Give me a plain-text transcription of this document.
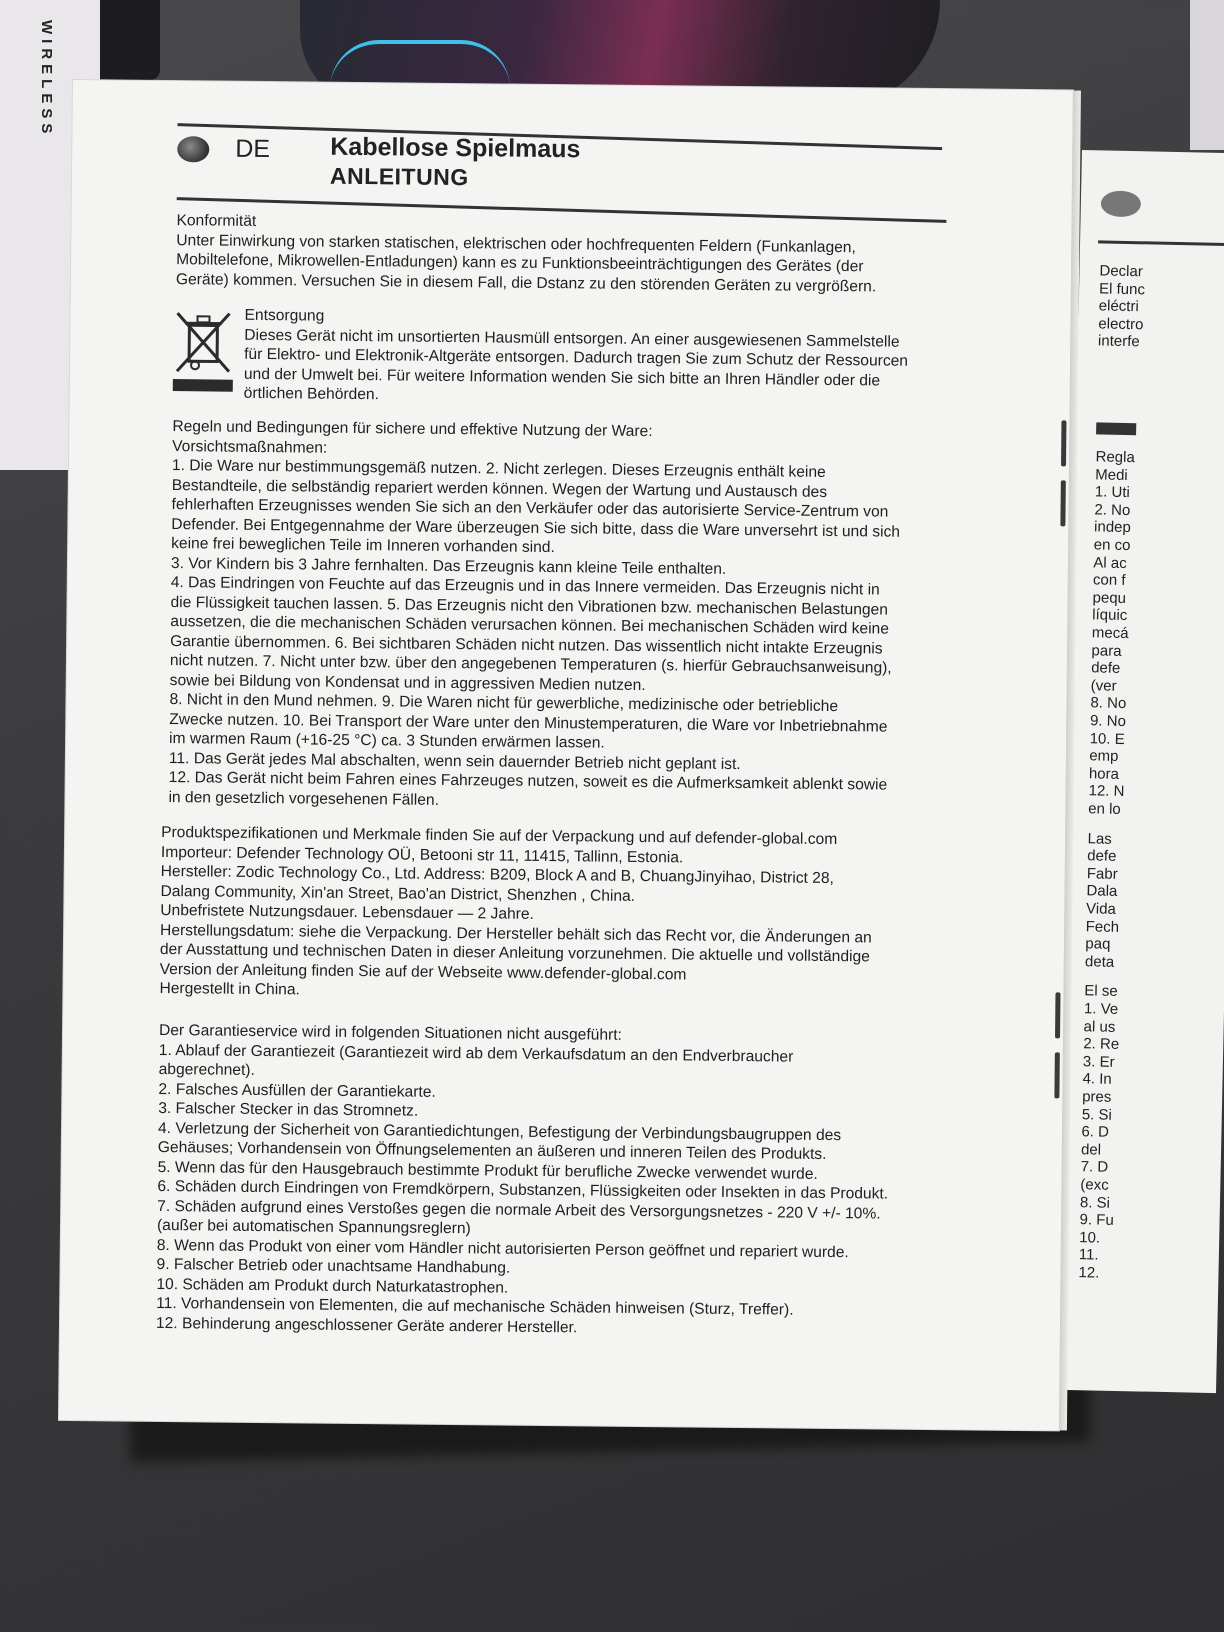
WIRELESS
Declar
El func
eléctri
electro
interfe
Regla
Medi
1. Uti
2. No
indep
en co
Al ac
con f
pequ
líquic
mecá
para
defe
(ver
8. No
9. No
10. E
emp
hora
12. N
en lo
Las
defe
Fabr
Dala
Vida
Fech
paq
deta
El se
1. Ve
al us
2. Re
3. Er
4. In
pres
5. Si
6. D
del
7. D
(exc
8. Si
9. Fu
10.
11.
12.
DE Kabellose Spielmaus
ANLEITUNG

Konformität

Unter Einwirkung von starken statischen, elektrischen oder hochfrequenten Feldern (Funkanlagen,

Mobiltelefone, Mikrowellen-Entladungen) kann es zu Funktionsbeeinträchtigungen des Gerätes (der

Geräte) kommen. Versuchen Sie in diesem Fall, die Dstanz zu den störenden Geräten zu vergrößern.

Entsorgung

Dieses Gerät nicht im unsortierten Hausmüll entsorgen. An einer ausgewiesenen Sammelstelle

für Elektro- und Elektronik-Altgeräte entsorgen. Dadurch tragen Sie zum Schutz der Ressourcen

und der Umwelt bei. Für weitere Information wenden Sie sich bitte an Ihren Händler oder die

örtlichen Behörden.

Regeln und Bedingungen für sichere und effektive Nutzung der Ware:

Vorsichtsmaßnahmen:

1. Die Ware nur bestimmungsgemäß nutzen. 2. Nicht zerlegen. Dieses Erzeugnis enthält keine

Bestandteile, die selbständig repariert werden können. Wegen der Wartung und Austausch des

fehlerhaften Erzeugnisses wenden Sie sich an den Verkäufer oder das autorisierte Service-Zentrum von

Defender. Bei Entgegennahme der Ware überzeugen Sie sich bitte, dass die Ware unversehrt ist und sich

keine frei beweglichen Teile im Inneren vorhanden sind.

3. Vor Kindern bis 3 Jahre fernhalten. Das Erzeugnis kann kleine Teile enthalten.

4. Das Eindringen von Feuchte auf das Erzeugnis und in das Innere vermeiden. Das Erzeugnis nicht in

die Flüssigkeit tauchen lassen. 5. Das Erzeugnis nicht den Vibrationen bzw. mechanischen Belastungen

aussetzen, die die mechanischen Schäden verursachen können. Bei mechanischen Schäden wird keine

Garantie übernommen. 6. Bei sichtbaren Schäden nicht nutzen. Das wissentlich nicht intakte Erzeugnis

nicht nutzen. 7. Nicht unter bzw. über den angegebenen Temperaturen (s. hierfür Gebrauchsanweisung),

sowie bei Bildung von Kondensat und in aggressiven Medien nutzen.

8. Nicht in den Mund nehmen. 9. Die Waren nicht für gewerbliche, medizinische oder betriebliche

Zwecke nutzen. 10. Bei Transport der Ware unter den Minustemperaturen, die Ware vor Inbetriebnahme

im warmen Raum (+16-25 °C) ca. 3 Stunden erwärmen lassen.

11. Das Gerät jedes Mal abschalten, wenn sein dauernder Betrieb nicht geplant ist.

12. Das Gerät nicht beim Fahren eines Fahrzeuges nutzen, soweit es die Aufmerksamkeit ablenkt sowie

in den gesetzlich vorgesehenen Fällen.

Produktspezifikationen und Merkmale finden Sie auf der Verpackung und auf defender-global.com

Importeur: Defender Technology OÜ, Betooni str 11, 11415, Tallinn, Estonia.

Hersteller: Zodic Technology Co., Ltd. Address: B209, Block A and B, ChuangJinyihao, District 28,

Dalang Community, Xin'an Street, Bao'an District, Shenzhen , China.

Unbefristete Nutzungsdauer. Lebensdauer — 2 Jahre.

Herstellungsdatum: siehe die Verpackung. Der Hersteller behält sich das Recht vor, die Änderungen an

der Ausstattung und technischen Daten in dieser Anleitung vorzunehmen. Die aktuelle und vollständige

Version der Anleitung finden Sie auf der Webseite www.defender-global.com

Hergestellt in China.

Der Garantieservice wird in folgenden Situationen nicht ausgeführt:

1. Ablauf der Garantiezeit (Garantiezeit wird ab dem Verkaufsdatum an den Endverbraucher

abgerechnet).

2. Falsches Ausfüllen der Garantiekarte.

3. Falscher Stecker in das Stromnetz.

4. Verletzung der Sicherheit von Garantiedichtungen, Befestigung der Verbindungsbaugruppen des

Gehäuses; Vorhandensein von Öffnungselementen an äußeren und inneren Teilen des Produkts.

5. Wenn das für den Hausgebrauch bestimmte Produkt für berufliche Zwecke verwendet wurde.

6. Schäden durch Eindringen von Fremdkörpern, Substanzen, Flüssigkeiten oder Insekten in das Produkt.

7. Schäden aufgrund eines Verstoßes gegen die normale Arbeit des Versorgungsnetzes - 220 V +/- 10%.

(außer bei automatischen Spannungsreglern)

8. Wenn das Produkt von einer vom Händler nicht autorisierten Person geöffnet und repariert wurde.

9. Falscher Betrieb oder unachtsame Handhabung.

10. Schäden am Produkt durch Naturkatastrophen.

11. Vorhandensein von Elementen, die auf mechanische Schäden hinweisen (Sturz, Treffer).

12. Behinderung angeschlossener Geräte anderer Hersteller.
